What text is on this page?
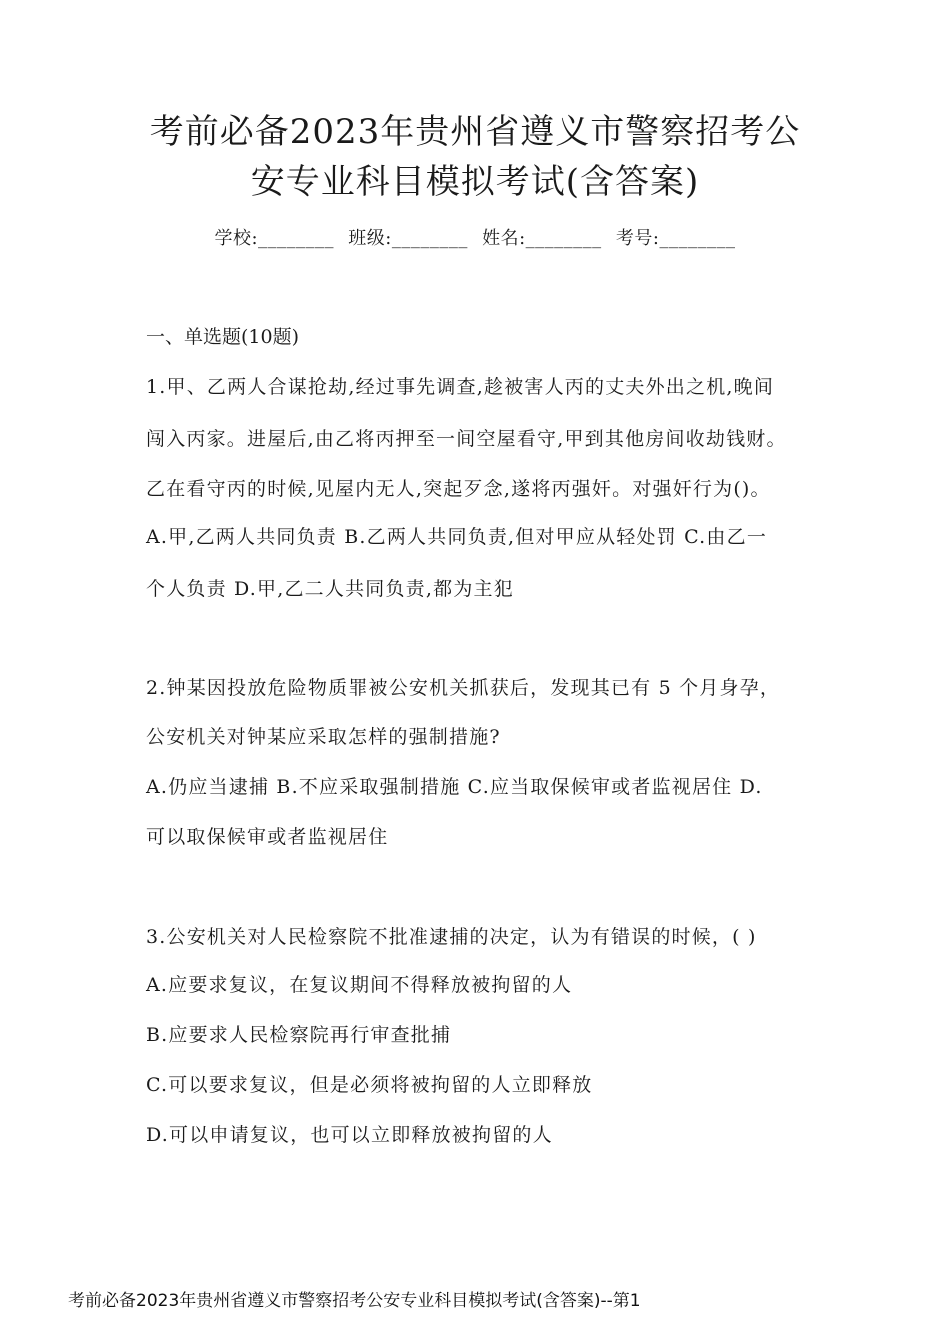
考前必备2023年贵州省遵义市警察招考公
安专业科目模拟考试(含答案)
学校:________ 班级:________ 姓名:________ 考号:________
一、单选题(10题)
1.甲、乙两人合谋抢劫,经过事先调查,趁被害人丙的丈夫外出之机,晚间
闯入丙家。进屋后,由乙将丙押至一间空屋看守,甲到其他房间收劫钱财。
乙在看守丙的时候,见屋内无人,突起歹念,遂将丙强奸。对强奸行为()。
A.甲,乙两人共同负责 B.乙两人共同负责,但对甲应从轻处罚 C.由乙一
个人负责 D.甲,乙二人共同负责,都为主犯
2.钟某因投放危险物质罪被公安机关抓获后，发现其已有 5 个月身孕，
公安机关对钟某应采取怎样的强制措施?
A.仍应当逮捕 B.不应采取强制措施 C.应当取保候审或者监视居住 D.
可以取保候审或者监视居住
3.公安机关对人民检察院不批准逮捕的决定，认为有错误的时候，( )
A.应要求复议，在复议期间不得释放被拘留的人
B.应要求人民检察院再行审查批捕
C.可以要求复议，但是必须将被拘留的人立即释放
D.可以申请复议，也可以立即释放被拘留的人
考前必备2023年贵州省遵义市警察招考公安专业科目模拟考试(含答案)--第1
